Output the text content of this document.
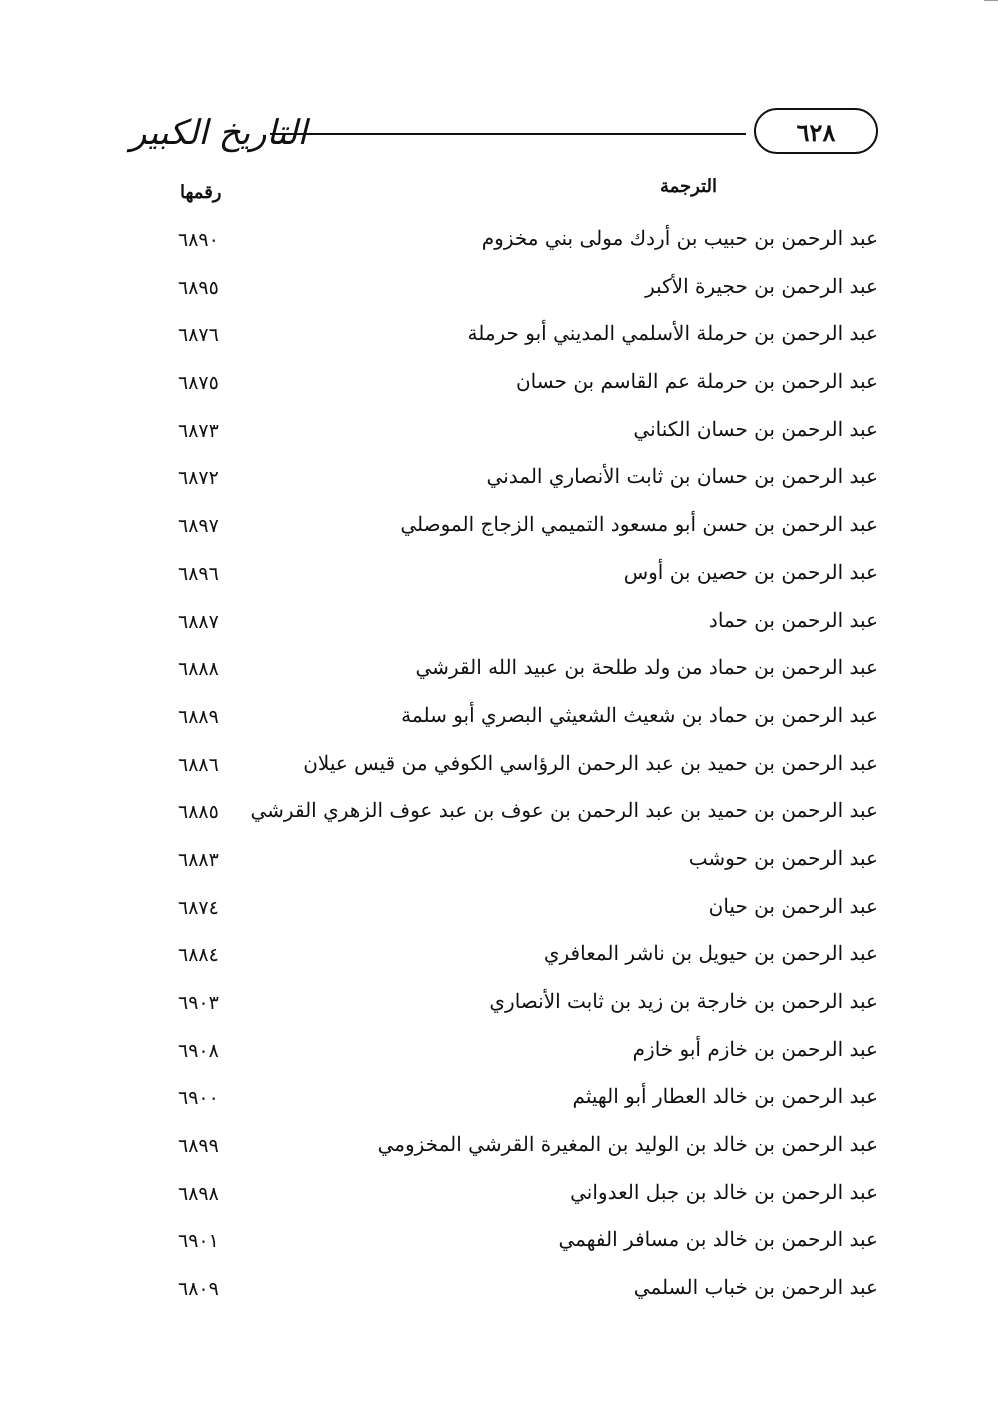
التاريخ الكبير	٦٢٨
الترجمة
رقمها
عبد الرحمن بن حبيب بن أردك مولى بني مخزوم
٦٨٩٠
عبد الرحمن بن حجيرة الأكبر
٦٨٩٥
عبد الرحمن بن حرملة الأسلمي المديني أبو حرملة
٦٨٧٦
عبد الرحمن بن حرملة عم القاسم بن حسان
٦٨٧٥
عبد الرحمن بن حسان الكناني
٦٨٧٣
عبد الرحمن بن حسان بن ثابت الأنصاري المدني
٦٨٧٢
عبد الرحمن بن حسن أبو مسعود التميمي الزجاج الموصلي
٦٨٩٧
عبد الرحمن بن حصين بن أوس
٦٨٩٦
عبد الرحمن بن حماد
٦٨٨٧
عبد الرحمن بن حماد من ولد طلحة بن عبيد الله القرشي
٦٨٨٨
عبد الرحمن بن حماد بن شعيث الشعيثي البصري أبو سلمة
٦٨٨٩
عبد الرحمن بن حميد بن عبد الرحمن الرؤاسي الكوفي من قيس عيلان
٦٨٨٦
عبد الرحمن بن حميد بن عبد الرحمن بن عوف بن عبد عوف الزهري القرشي
٦٨٨٥
عبد الرحمن بن حوشب
٦٨٨٣
عبد الرحمن بن حيان
٦٨٧٤
عبد الرحمن بن حيويل بن ناشر المعافري
٦٨٨٤
عبد الرحمن بن خارجة بن زيد بن ثابت الأنصاري
٦٩٠٣
عبد الرحمن بن خازم أبو خازم
٦٩٠٨
عبد الرحمن بن خالد العطار أبو الهيثم
٦٩٠٠
عبد الرحمن بن خالد بن الوليد بن المغيرة القرشي المخزومي
٦٨٩٩
عبد الرحمن بن خالد بن جبل العدواني
٦٨٩٨
عبد الرحمن بن خالد بن مسافر الفهمي
٦٩٠١
عبد الرحمن بن خباب السلمي
٦٨٠٩
